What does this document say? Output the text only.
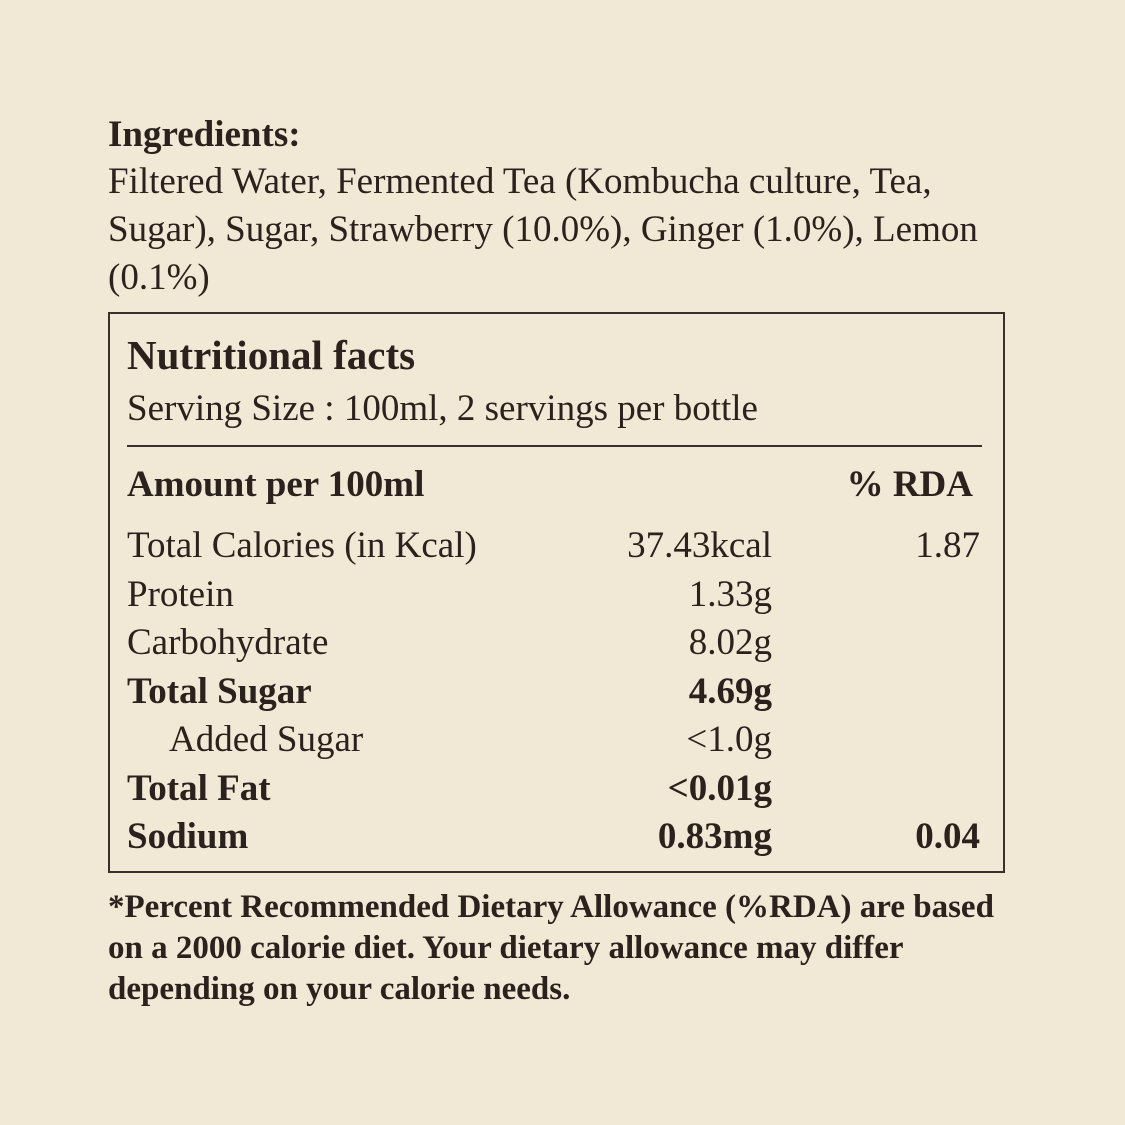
Ingredients:

Filtered Water, Fermented Tea (Kombucha culture, Tea, Sugar), Sugar, Strawberry (10.0%), Ginger (1.0%), Lemon (0.1%)

Nutritional facts
Serving Size : 100ml, 2 servings per bottle
Amount per 100ml	% RDA
Total Calories (in Kcal)	37.43kcal	1.87
Protein	1.33g
Carbohydrate	8.02g
Total Sugar	4.69g
Added Sugar	<1.0g
Total Fat	<0.01g
Sodium	0.83mg	0.04

*Percent Recommended Dietary Allowance (%RDA) are based on a 2000 calorie diet. Your dietary allowance may differ depending on your calorie needs.
